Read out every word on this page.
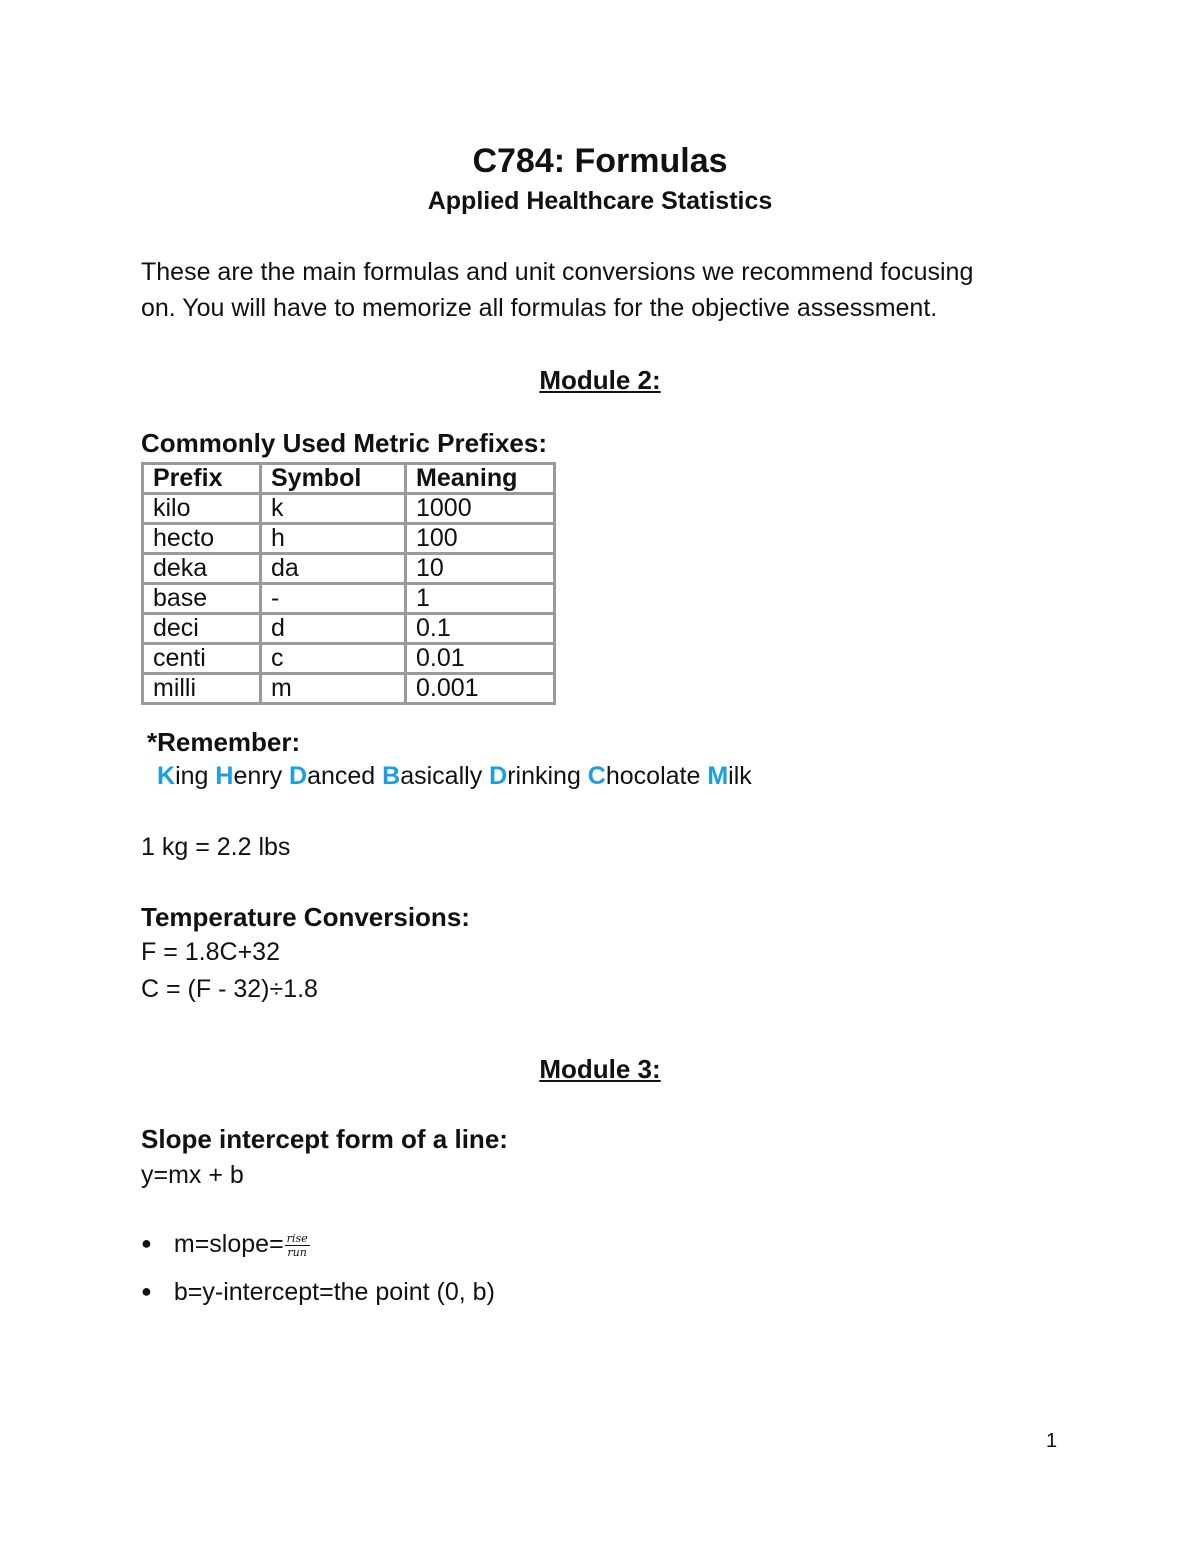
C784: Formulas
Applied Healthcare Statistics
These are the main formulas and unit conversions we recommend focusing
on. You will have to memorize all formulas for the objective assessment.
Module 2:
Commonly Used Metric Prefixes:
Prefix	Symbol	Meaning
kilo	k	1000
hecto	h	100
deka	da	10
base	-	1
deci	d	0.1
centi	c	0.01
milli	m	0.001
*Remember:
King Henry Danced Basically Drinking Chocolate Milk
1 kg = 2.2 lbs
Temperature Conversions:
F = 1.8C+32
C = (F - 32)÷1.8
Module 3:
Slope intercept form of a line:
y=mx + b
● m=slope= $\frac{\text{rise}}{\text{run}}$
● b=y-intercept=the point (0, b)
1
